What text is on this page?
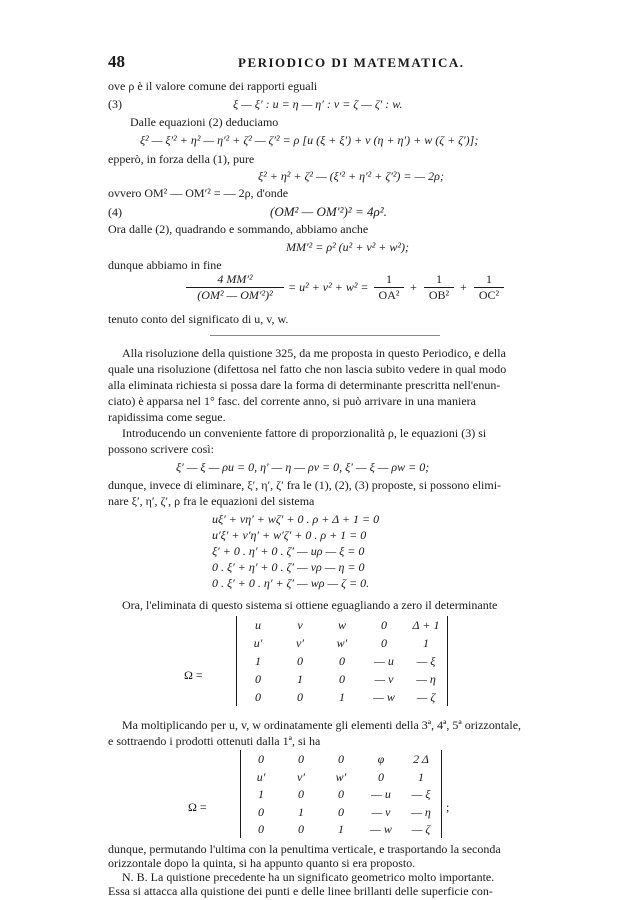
48	PERIODICO DI MATEMATICA.
ove ρ è il valore comune dei rapporti eguali
(3)	ξ — ξ′ : u = η — η′ : v = ζ — ζ′ : w.
Dalle equazioni (2) deduciamo
ξ² — ξ′² + η² — η′² + ζ² — ζ′² = ρ [u (ξ + ξ′) + v (η + η′) + w (ζ + ζ′)];
epperò, in forza della (1), pure
ξ² + η² + ζ² — (ξ′² + η′² + ζ′²) = — 2ρ;
ovvero OM² — OM′² = — 2ρ, d'onde
(4)	(OM² — OM′²)² = 4ρ².
Ora dalle (2), quadrando e sommando, abbiamo anche
MM′² = ρ² (u² + v² + w²);
dunque abbiamo in fine
$\frac{\text{4 MM′²}}{\text{(OM² — OM′²)²}} = u^2 + v^2 + w^2 = \frac{1}{\text{OA²}} + \frac{1}{\text{OB²}} + \frac{1}{\text{OC²}}$
tenuto conto del significato di u, v, w.
Alla risoluzione della quistione 325, da me proposta in questo Periodico, e della
quale una risoluzione (difettosa nel fatto che non lascia subito vedere in qual modo
alla eliminata richiesta si possa dare la forma di determinante prescritta nell'enun-
ciato) è apparsa nel 1° fasc. del corrente anno, si può arrivare in una maniera
rapidissima come segue.
Introducendo un conveniente fattore di proporzionalità ρ, le equazioni (3) si
possono scrivere così:
ξ′ — ξ — ρu = 0, η′ — η — ρv = 0, ξ′ — ξ — ρw = 0;
dunque, invece di eliminare, ξ′, η′, ζ′ fra le (1), (2), (3) proposte, si possono elimi-
nare ξ′, η′, ζ′, ρ fra le equazioni del sistema
uξ′ + vη′ + wζ′ + 0 . ρ + Δ + 1 = 0
u′ξ′ + v′η′ + w′ζ′ + 0 . ρ + 1 = 0
ξ′ + 0 . η′ + 0 . ζ′ — uρ — ξ = 0
0 . ξ′ + η′ + 0 . ζ′ — vρ — η = 0
0 . ξ′ + 0 . η′ + ζ′ — wρ — ζ = 0.
Ora, l'eliminata di questo sistema si ottiene eguagliando a zero il determinante
Ω =
u	v	w	0	Δ + 1
u′	v′	w′	0	1
1	0	0	— u	— ξ
0	1	0	— v	— η
0	0	1	— w	— ζ
Ma moltiplicando per u, v, w ordinatamente gli elementi della 3ª, 4ª, 5ª orizzontale,
e sottraendo i prodotti ottenuti dalla 1ª, si ha
Ω =
0	0	0	φ	2 Δ
u′	v′	w′	0	1
1	0	0	— u	— ξ
0	1	0	— v	— η
0	0	1	— w	— ζ
;
dunque, permutando l'ultima con la penultima verticale, e trasportando la seconda
orizzontale dopo la quinta, si ha appunto quanto si era proposto.
N. B. La quistione precedente ha un significato geometrico molto importante.
Essa si attacca alla quistione dei punti e delle linee brillanti delle superficie con-
